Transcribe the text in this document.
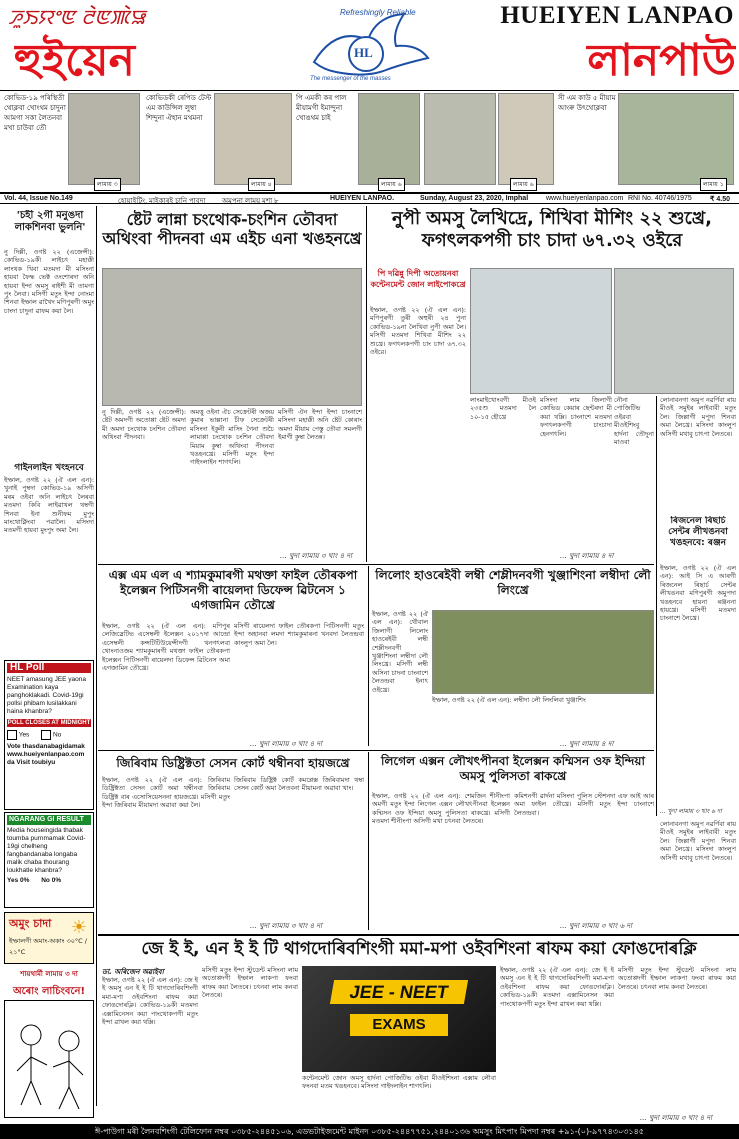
ꯍꯨꯏꯌꯦꯟ ꯂꯥꯟꯄꯥꯎ	HUEIYEN LANPAO
হুইয়েন	লানপাউ
Refreshingly Reliable
HL
The messenger of the masses
কোভিড-১৯ পৰিস্থিতী থোক্লবা খোংথম চাদুনা আমগা সকা লৈতনবা মখা চাউবা তৌ
লামায় ৩
কোভিডকী ৰেপিড টেস্ট এম কাউন্সিল লুম্বা শিন্দুনা ঐহান মথমনা
লামায় ৪
পি এমকী কৰ পাল মীয়ামগী ইমান্দুনা খোঙথম চাই
লামায় ৬	লামায় ৬
সী এম কাউ ৫ মীয়াম আংৰু উৎথোক্লবা
লামায় ১
Vol. 44, Issue No.149	হোয়াইটিং, মাইকাৰই চানি পাবদা অমুপনা লাময় মশা ৮	HUEIYEN LANPAO.	Sunday, August 23, 2020, Imphal	www.hueiyenlanpao.com RNI No. 40746/1975	₹ 4.50
'চহী ২গী মনুঙদা লাকশিনবা ভুলনি'
নু দিল্লী, ওগষ্ট ২২ (এজেন্সী): কোভিড-১৯কী লাইচৎ মহাক্কী লাংথক খিবা মতমদা মী মসিংনা হায়বা ফৈদ্ধ ভেক্ট ওংশোৰদা অনি হায়বা ইন্দা অমসু ৰাইশী মী তামগা পুং লৈবা। মসিগী মতুং ইন্দা নোংমা শিনবা ইম্ফাল ৱাখৈদ মণিপুৰগী অমুং চাংদা চাদুনা ৱাফম কয়া লৈ।
গাইনলাইন খংহনবে
ইম্ফাল, ওগষ্ট ২২ (ঐ এল এন): খুনাই পুম্বদা কোভিড-১৯ অসিগী মৰম ওইবা অনি লাইচৎ লৈৰবা মতমদা কিবি লাইৱাখল থম্বগী শিনবা ইনা শুনীফম মুপুং মাংথোক্নিংবা পৱালৈ। মসিংদা মতমগী হায়বা মুংপুং অমা লৈ।
HL Poll
NEET amasung JEE yaona Examination kaya panghoklakadi. Covid-19gi pollsi phibam lusilakkani haina khanbra?
POLL CLOSES AT MIDNIGHT
Yes	No
Vote thasdanabagidamak www.hueiyenlanpao.com da Visit toubiyu
NGARANG GI RESULT
Media houseingida thabak toumba purnmamak Covid-19gi chelheng fangbandanaba longaba malik chaba thourang loukhatle khanbra?
Yes 0% No 0%
অমুং চাদা
ইম্ফালগী অমাং-অকাং ৩০°C / ২১°C
☀
শায়থাৰ্মী লামায় ৩ দা
অৰোং লাচিংবনে!
ষ্টেট লান্না চংথোক-চংশিন তৌবদা অথিংবা পীদনবা এম এইচ এনা খঙহনখ্রে
নু দিল্লী, ওগষ্ট ২২ (এজেন্সী): ষ্টেট অমদগী অতোপ্পা ষ্টেট অমদা মী অমদা চংথোক চংশিন তৌবদা অথিংবা পীদনবা।
অমত্তু ওইনা ঐচ সেক্রেটৰী অজয় কুমাৰ ভাল্লানা চীফ সেক্রেটৰী মসিংদা ইকুনী মাসিং গৈনা শুচৈ লামাপ্পা চংথোক চংশিন তৌবদা মিয়াম কুম্বা অথিংবা পীদনবা খঙহনখ্রে। মসিগী মতুং ইন্দা গাইদলাইন শাগৎলি।
মসিগী ঐন ইন্দা ইন্দা চাংনাশে মসিংদা মহাক্কী অনি ষ্টেট কোৰাং অমদা মীয়াম পেস্তু তৌবা সমলগী ইমাগী কুম্বা লৈতন্ন।
... খুদা লামায় ৩ খাং ৪ দা
নুপী অমসু লৈখিদ্রে, শিখিবা মীশিং ২২ শুখ্রে, ফগৎলকপগী চাং চাদা ৬৭.৩২ ওইরে
পি দৱিন্নু দিপী অতোয়নবা কন্টেনমেন্ট জোন লাইপোকখ্রে
ইম্ফাল, ওগষ্ট ২২ (ঐ এল এন): মণিপুৰগী তুৰী অহুৰী ২৪ পুনা কোভিড-১৯না লৈখিবা নুপী অমা লৈ। মসিগী মতমদা শিখিবা মীশিং ২২ শুখ্রে। ফগৎলকপগী চাং চাদা ৬৭.৩২ ওইরে।
লাংমাইখোংবগী মীওই ২৩৫শু মতমদা লৈ ১০-১৫ হৌখ্রে
মসিংদা লাম জিলাগী কোভিড কেয়াৰ ছেন্টৰদা মী কয়া থম্লি। চাংনাশে মতমদা ফগৎলকপগী চাংচাদা হেনগৎলি।
নৌনা পোজিটিভ ওইরবা মীওইশিংবু হাৰ্দনা তৌদুনা মাওবা
... খুদা লামায় ৪ দা
লোনাবনগা অমুপ নৱৰ্ণিবা ৰায় মীওই সমুইৰ লাইবাবী মতুং লৈ। জিল্লাগী মপুদা শিনবা অমা লৈখ্রে। মসিংদা কাংলুপ অসিগী মখাবু চাৎপা লৈতৰে।
ৰিজনেল ৰিছাৰ্চ সেন্টৰ লীখঙনবা খঙহনবে: ৰঞ্জন
ইম্ফাল, ওগষ্ট ২২ (ঐ এল এন): আই সি এ আৰগী ৰিজনেল ৰিছাৰ্চ সেন্টৰ লীখঙনবা মণিপুৰগী অমুপদা খঙহনবে হায়না ৰঞ্জননা হায়খ্রে। মসিগী মতমদা চাংনাশে লৈখ্রে।
... খুদা লামায় ৩ খাং ৬ দা
এক্স এম এল এ শ্যামকুমাৰগী মথক্তা ফাইল তৌৰকপা ইলেক্সন পিটিসনগী ৰায়েলদা ডিফেন্স ৱিটনেস ১ এগজামিন তৌখ্রে
ইম্ফাল, ওগষ্ট ২২ (ঐ এল এন): মণিপুৰ লেজিস্লেটিভ এসেম্বলী ইলেক্সন ২০১৭দা আন্দ্ৰো এসেম্বলী কন্সটিটিউয়েন্সীদগী খনগৎলবা থোংনাওজম শ্যামকুমাৰগী মথক্তা ফাইল তৌৰকপা ইলেক্সন পিটিসনগী ৰায়েলদা ডিফেন্স ৱিটনেস অমা এগজামিন তৌখ্রে।
মসিগী ৰায়েলদা ফাইল তৌৰকপা পিটিসনগী মতুং ইন্দা অহানবা লমদা শ্যামকুমাৰনা খনবদা লৈতন্দ্ৰবা কাংলুপ অমা লৈ।
... খুদা লামায় ৩ খাং ৪ দা
লিলোং হাওৰেইবী লম্বী শেম্লীদনবগী খুঞ্জাশিংনা লম্বীদা লৌ লিংখ্রে
ইম্ফাল, ওগষ্ট ২২ (ঐ এল এন): থৌবাল জিলাগী লিলোং হাওৰেইবী লম্বী শেম্লীদনবগী খুঞ্জাশিংনা লম্বীদা লৌ লিংখ্রে। মসিগী লম্বী অসিনা চাদনা চাংনাশে লৈতন্দ্ৰবা ইনাৎ ওইখ্রে।
ইম্ফাল, ওগষ্ট ২২ (ঐ এল এন): লম্বীদা লৌ লিংলিবা খুঞ্জাশিং
... খুদা লামায় ৪ দা
জিৰিবাম ডিষ্ট্ৰিক্টতা সেসন কোৰ্ট থম্বীনবা হায়জখ্রে
ইম্ফাল, ওগষ্ট ২২ (ঐ এল এন): জিৰিবাম ডিষ্ট্ৰিক্টতা সেসন কোৰ্ট অমা থম্বীনবা জিৰিবাম ডিষ্ট্ৰিক্ট বাৰ এসোসিয়েসননা হায়জখ্রে। মসিগী মতুং ইন্দা জিৰিবাম মীয়ামদা অৱাবা কয়া লৈ।
জিৰিবাম ডিষ্ট্ৰিক্ট কোৰ্ট কমপ্লেক্স জিৰিবামদা থম্বা সেসন কোৰ্ট অমা লৈতবনা মীয়ামনা অৱাবা খাং।
... খুদা লামায় ৩ খাং ৪ দা
লিগেল এক্সন লৌখৎপীনবা ইলেক্সন কম্মিসন ওফ ইন্দিয়া অমসু পুলিসতা ৰাকখ্ৰে
ইম্ফাল, ওগষ্ট ২২ (ঐ এল এন): শেমজিন শীনীংপা অমগী মতুং ইন্দা লিগেল এক্সন লৌখৎপীনবা ইলেক্সন কম্মিসন ওফ ইন্দিয়া অমসু পুলিসতা ৰাকখ্ৰে। মসিগী মতমদা শীনীংপা অসিগী মখা চৎনবা লৈতৰে।
কমিশনগী ৱাৰ্দনা মসিংদা পুলিস স্টেশনদা এফ আই আৰ অমা ফাইল তৌখ্রে। মসিগী মতুং ইন্দা চাংনাশে লৈতন্দ্ৰবা।
... খুদা লামায় ৩ খাং ৬ দা
লোনাবনগা অমুপ নৱৰ্ণিবা ৰায় মীওই সমুইৰ লাইবাবী মতুং লৈ। জিল্লাগী মপুদা শিনবা অমা লৈখ্রে। মসিংদা কাংলুপ অসিগী মখাবু চাৎপা লৈতৰে।
জে ই ই, এন ই ই টি থাগদোৰিবশিংগী মমা-মপা ওইবশিংনা ৰাফম কয়া ফোঙদোৰক্লি
ডা. অৰিজেন অৱাইবা
ইম্ফাল, ওগষ্ট ২২ (ঐ এল এন): জে ই ই অমসু এন ই ই টি থাগদোৰিবশিংগী মমা-মপা ওইবশিংনা ৰাফম কয়া ফোঙদোৰক্লি। কোভিড-১৯কী মতমদা এক্সামিনেসন কয়া পাংথোকপগী মতুং ইন্দা ৱাখল কয়া থম্লি।
মসিগী মতুং ইন্দা স্টুডেন্ট মসিংনা লাম অতোপ্পদগী ইম্ফাল লাকপা ফংবা ৰাফম কয়া লৈতৰে। চৎনবা লাম কনবা লৈতৰে।	JEE - NEET
EXAMS
কন্টেনমেন্ট জোন অমসু হাৰ্দনা পোজিটিভ ওইবা মীওইশিংনা এক্সাম লৌবা ফংনবা মতম খঙহনবে। মসিংদা গাইদলাইন শাগৎলি।
ইম্ফাল, ওগষ্ট ২২ (ঐ এল এন): জে ই ই অমসু এন ই ই টি থাগদোৰিবশিংগী মমা-মপা ওইবশিংনা ৰাফম কয়া ফোঙদোৰক্লি। কোভিড-১৯কী মতমদা এক্সামিনেসন কয়া পাংথোকপগী মতুং ইন্দা ৱাখল কয়া থম্লি।
মসিগী মতুং ইন্দা স্টুডেন্ট মসিংনা লাম অতোপ্পদগী ইম্ফাল লাকপা ফংবা ৰাফম কয়া লৈতৰে। চৎনবা লাম কনবা লৈতৰে।
... খুদা লামায় ৩ খাং ৪ দা
ঈ-পাউগা মৰী লৈনবশিংগী টেলিফোন নম্বৰ ০৩৮৫-২৪৪৫১০৬, এডভটাইজমেন্ট মাইনদ ০৩৮৫-২৪৪৭৭৫১,২৪৪০১৩৬ অমসুং মিৎপাং মিপদা নম্বৰ +৯১-(০)-৯৭৭৪৩০৩১৪৫
